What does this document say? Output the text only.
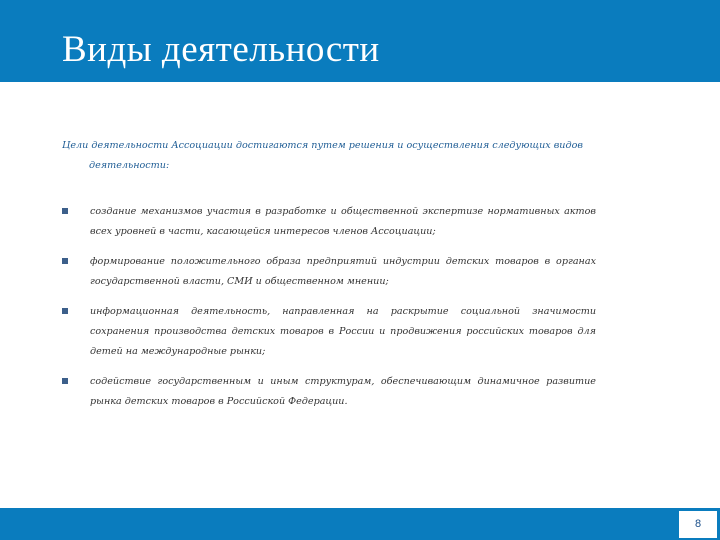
Виды деятельности

Цели деятельности Ассоциации достигаются путем решения и осуществления следующих видов
деятельности:

создание механизмов участия в разработке и общественной экспертизе нормативных актов всех уровней в части, касающейся интересов членов Ассоциации;
формирование положительного образа предприятий индустрии детских товаров в органах государственной власти, СМИ и общественном мнении;
информационная деятельность, направленная на раскрытие социальной значимости сохранения производства детских товаров в России и продвижения российских товаров для детей на международные рынки;
содействие государственным и иным структурам, обеспечивающим динамичное развитие рынка детских товаров в Российской Федерации.
8
